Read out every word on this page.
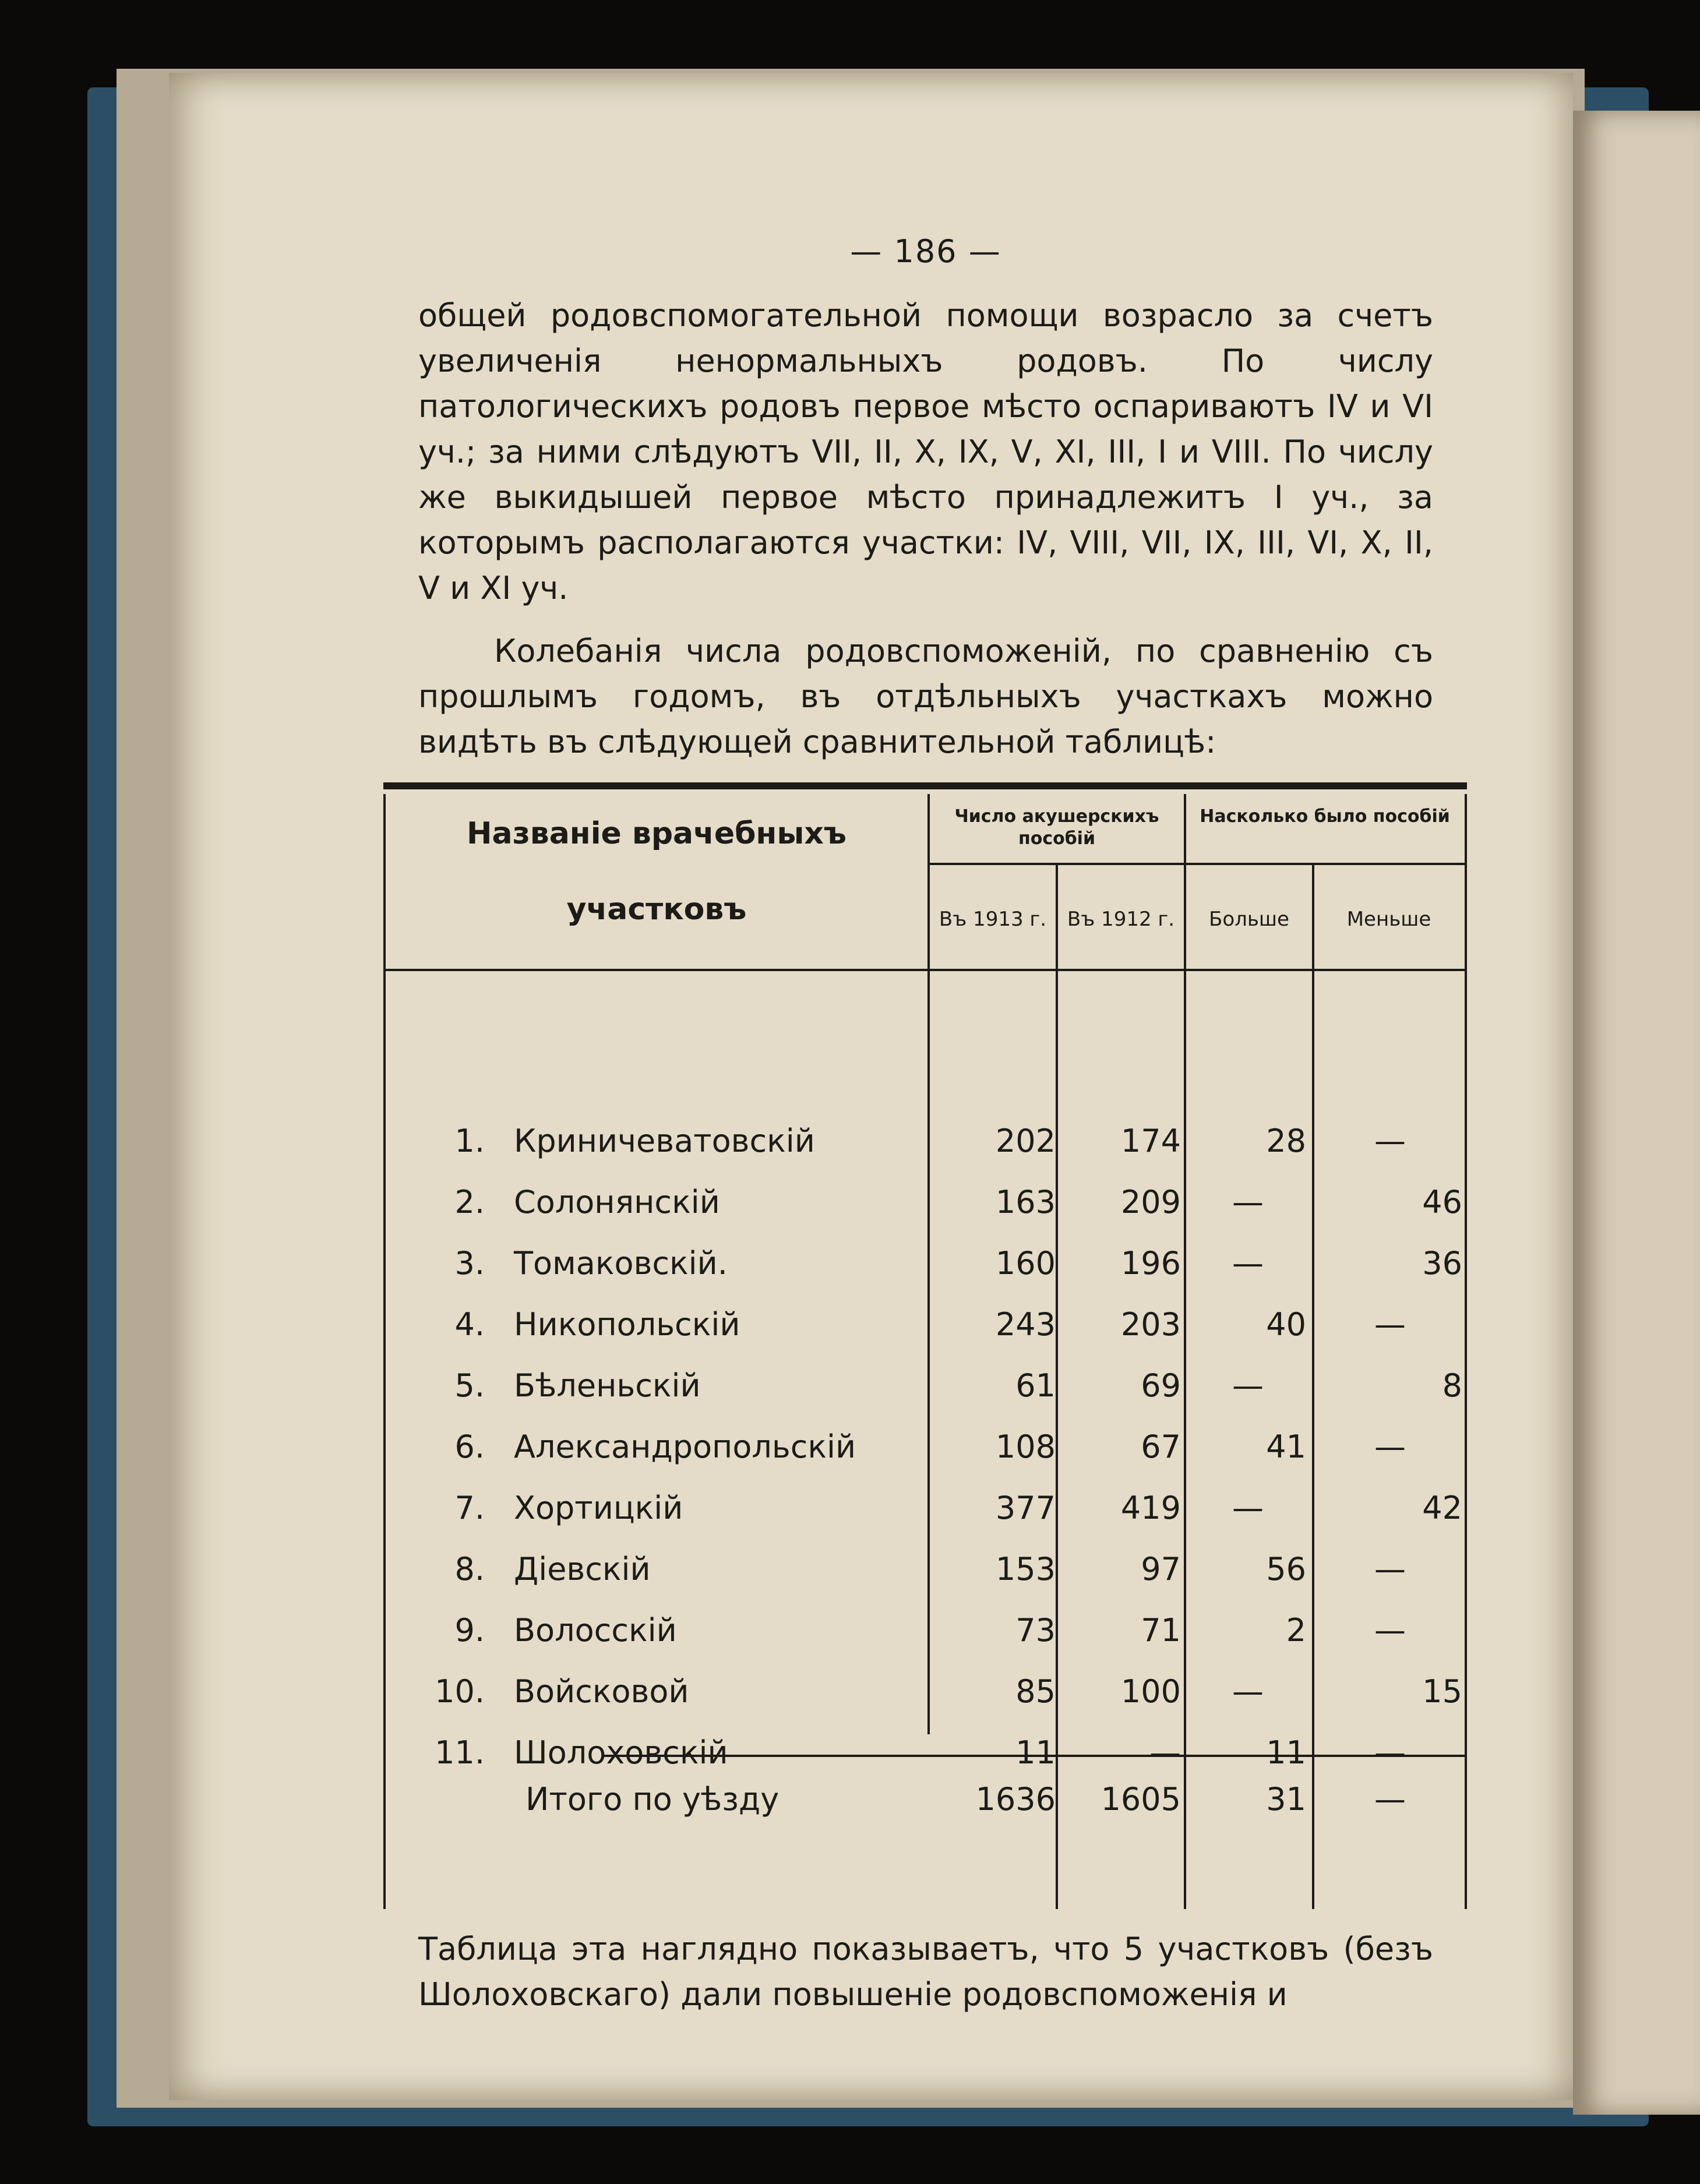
— 186 —

общей родовспомогательной помощи возрасло за счетъ увеличенія ненормальныхъ родовъ. По числу патологическихъ родовъ первое мѣсто оспариваютъ IV и VI уч.; за ними слѣдуютъ VII, II, X, IX, V, XI, III, I и VIII. По числу же выкидышей первое мѣсто принадлежитъ I уч., за которымъ располагаются участки: IV, VIII, VII, IX, III, VI, X, II, V и XI уч.

Колебанія числа родовспоможеній, по сравненію съ прошлымъ годомъ, въ отдѣльныхъ участкахъ можно видѣть въ слѣдующей сравнительной таблицѣ:

Названіе врачебныхъ
участковъ
Число акушерскихъ пособій
Насколько было пособій
Въ 1913 г.	Въ 1912 г.	Больше	Меньше
1. Криничеватовскій	202	174	28	—
2. Солонянскій	163	209	—	46
3. Томаковскій.	160	196	—	36
4. Никопольскій	243	203	40	—
5. Бѣленьскій	61	69	—	8
6. Александропольскій	108	67	41	—
7. Хортицкій	377	419	—	42
8. Діевскій	153	97	56	—
9. Волосскій	73	71	2	—
10. Войсковой	85	100	—	15
11. Шолоховскій	11	—	11	—
Итого по уѣзду	1636	1605	31	—

Таблица эта наглядно показываетъ, что 5 участковъ (безъ Шолоховскаго) дали повышеніе родовспоможенія и
